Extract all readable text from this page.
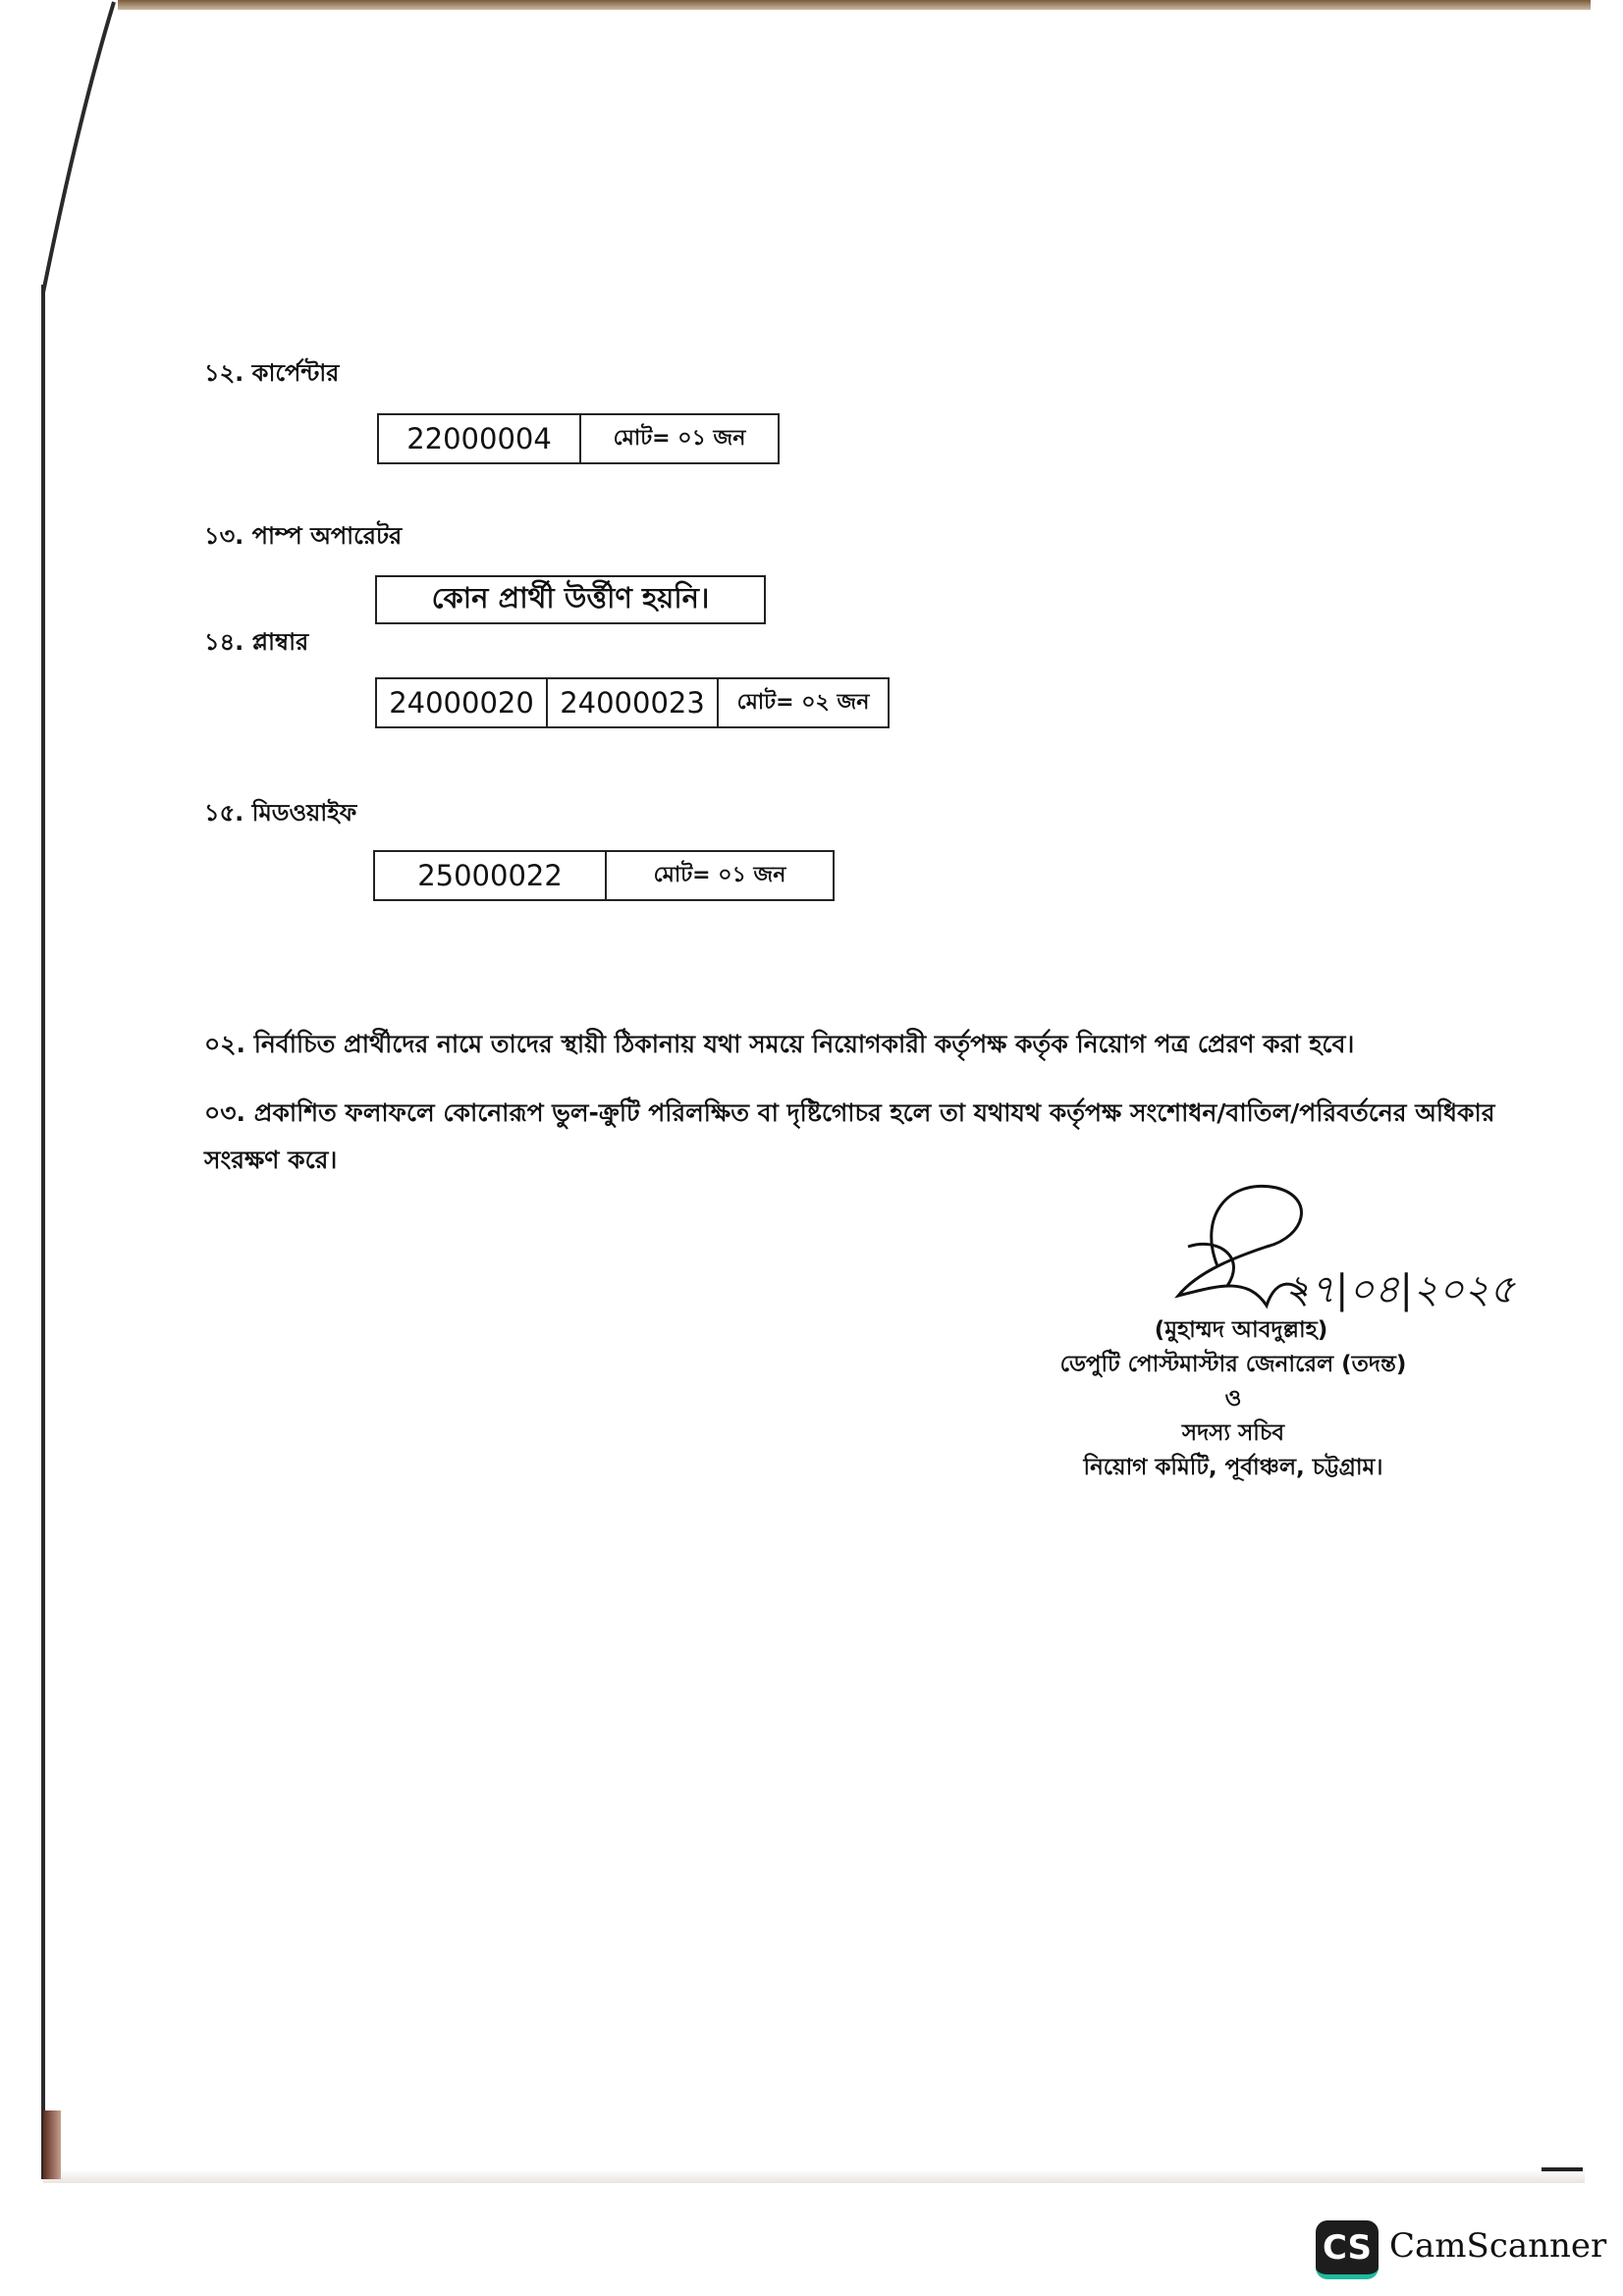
১২. কার্পেন্টার
22000004	মোট= ০১ জন
১৩. পাম্প অপারেটর
কোন প্রার্থী উর্ত্তীণ হয়নি।
১৪. প্লাম্বার
24000020 24000023	মোট= ০২ জন
১৫. মিডওয়াইফ
25000022	মোট= ০১ জন
০২. নির্বাচিত প্রার্থীদের নামে তাদের স্থায়ী ঠিকানায় যথা সময়ে নিয়োগকারী কর্তৃপক্ষ কর্তৃক নিয়োগ পত্র প্রেরণ করা হবে।
০৩. প্রকাশিত ফলাফলে কোনোরূপ ভুল-ক্রুটি পরিলক্ষিত বা দৃষ্টিগোচর হলে তা যথাযথ কর্তৃপক্ষ সংশোধন/বাতিল/পরিবর্তনের অধিকার
সংরক্ষণ করে।
২৭|০৪|২০২৫
(মুহাম্মদ আবদুল্লাহ)
ডেপুটি পোস্টমাস্টার জেনারেল (তদন্ত)
ও
সদস্য সচিব
নিয়োগ কমিটি, পূর্বাঞ্চল, চট্টগ্রাম।
CS CamScanner
